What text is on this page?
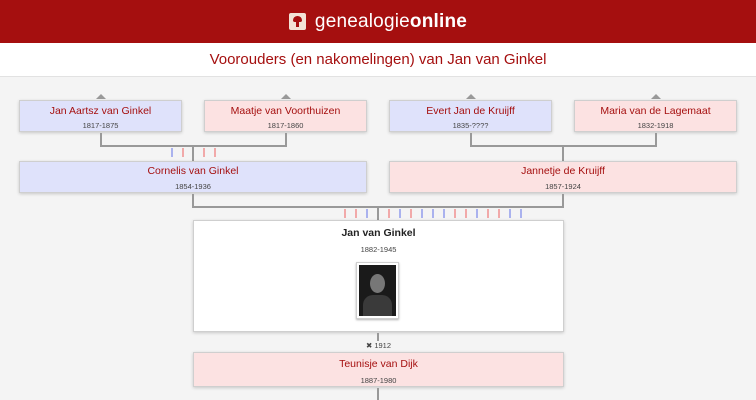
genealogieonline
Voorouders (en nakomelingen) van Jan van Ginkel
Jan Aartsz van Ginkel
1817-1875
Maatje van Voorthuizen
1817-1860
Evert Jan de Kruijff
1835-????
Maria van de Lagemaat
1832-1918
Cornelis van Ginkel
1854-1936
Jannetje de Kruijff
1857-1924
Jan van Ginkel
1882-1945
✖ 1912
Teunisje van Dijk
1887-1980
